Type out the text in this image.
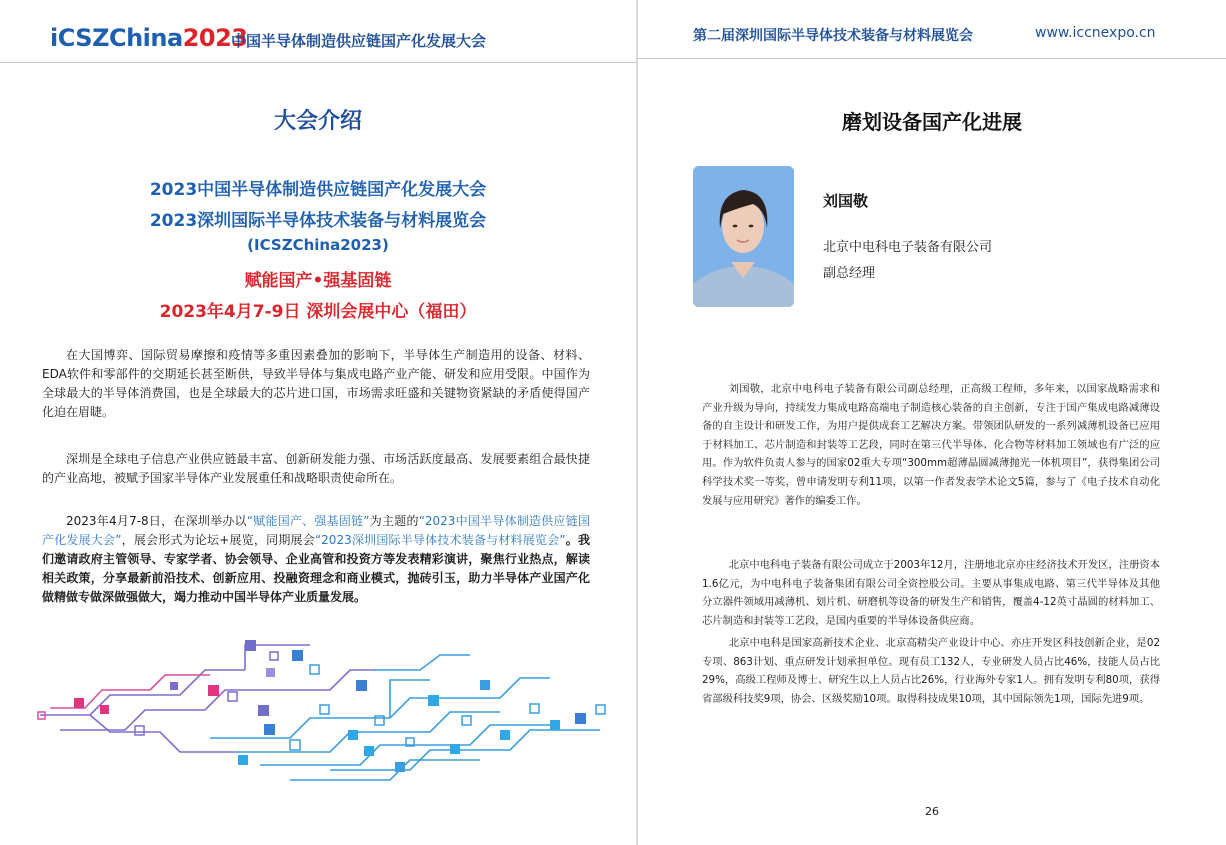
iCSZChina2023
中国半导体制造供应链国产化发展大会
大会介绍
2023中国半导体制造供应链国产化发展大会
2023深圳国际半导体技术装备与材料展览会
(ICSZChina2023)
赋能国产•强基固链
2023年4月7-9日 深圳会展中心（福田）

在大国博弈、国际贸易摩擦和疫情等多重因素叠加的影响下，半导体生产制造用的设备、材料、EDA软件和零部件的交期延长甚至断供，导致半导体与集成电路产业产能、研发和应用受限。中国作为全球最大的半导体消费国，也是全球最大的芯片进口国，市场需求旺盛和关键物资紧缺的矛盾使得国产化迫在眉睫。

深圳是全球电子信息产业供应链最丰富、创新研发能力强、市场活跃度最高、发展要素组合最快捷的产业高地，被赋予国家半导体产业发展重任和战略职责使命所在。

2023年4月7-8日，在深圳举办以“赋能国产、强基固链”为主题的“2023中国半导体制造供应链国产化发展大会”，展会形式为论坛+展览，同期展会“2023深圳国际半导体技术装备与材料展览会”。我们邀请政府主管领导、专家学者、协会领导、企业高管和投资方等发表精彩演讲，聚焦行业热点，解读相关政策，分享最新前沿技术、创新应用、投融资理念和商业模式，抛砖引玉，助力半导体产业国产化做精做专做深做强做大，竭力推动中国半导体产业质量发展。

第二届深圳国际半导体技术装备与材料展览会	www.iccnexpo.cn
磨划设备国产化进展
刘国敬
北京中电科电子装备有限公司
副总经理

刘国敬，北京中电科电子装备有限公司副总经理，正高级工程师，多年来，以国家战略需求和产业升级为导向，持续发力集成电路高端电子制造核心装备的自主创新，专注于国产集成电路减薄设备的自主设计和研发工作，为用户提供成套工艺解决方案。带领团队研发的一系列减薄机设备已应用于材料加工、芯片制造和封装等工艺段，同时在第三代半导体、化合物等材料加工领域也有广泛的应用。作为软件负责人参与的国家02重大专项“300mm超薄晶圆减薄抛光一体机项目”，获得集团公司科学技术奖一等奖，曾申请发明专利11项，以第一作者发表学术论文5篇，参与了《电子技术自动化发展与应用研究》著作的编委工作。

北京中电科电子装备有限公司成立于2003年12月，注册地北京亦庄经济技术开发区，注册资本1.6亿元，为中电科电子装备集团有限公司全资控股公司。主要从事集成电路、第三代半导体及其他分立器件领域用减薄机、划片机、研磨机等设备的研发生产和销售，覆盖4-12英寸晶圆的材料加工、芯片制造和封装等工艺段，是国内重要的半导体设备供应商。

北京中电科是国家高新技术企业、北京高精尖产业设计中心、亦庄开发区科技创新企业，是02专项、863计划、重点研发计划承担单位。现有员工132人，专业研发人员占比46%，技能人员占比29%，高级工程师及博士、研究生以上人员占比26%，行业海外专家1人。拥有发明专利80项，获得省部级科技奖9项，协会、区级奖励10项。取得科技成果10项，其中国际领先1项，国际先进9项。

26
